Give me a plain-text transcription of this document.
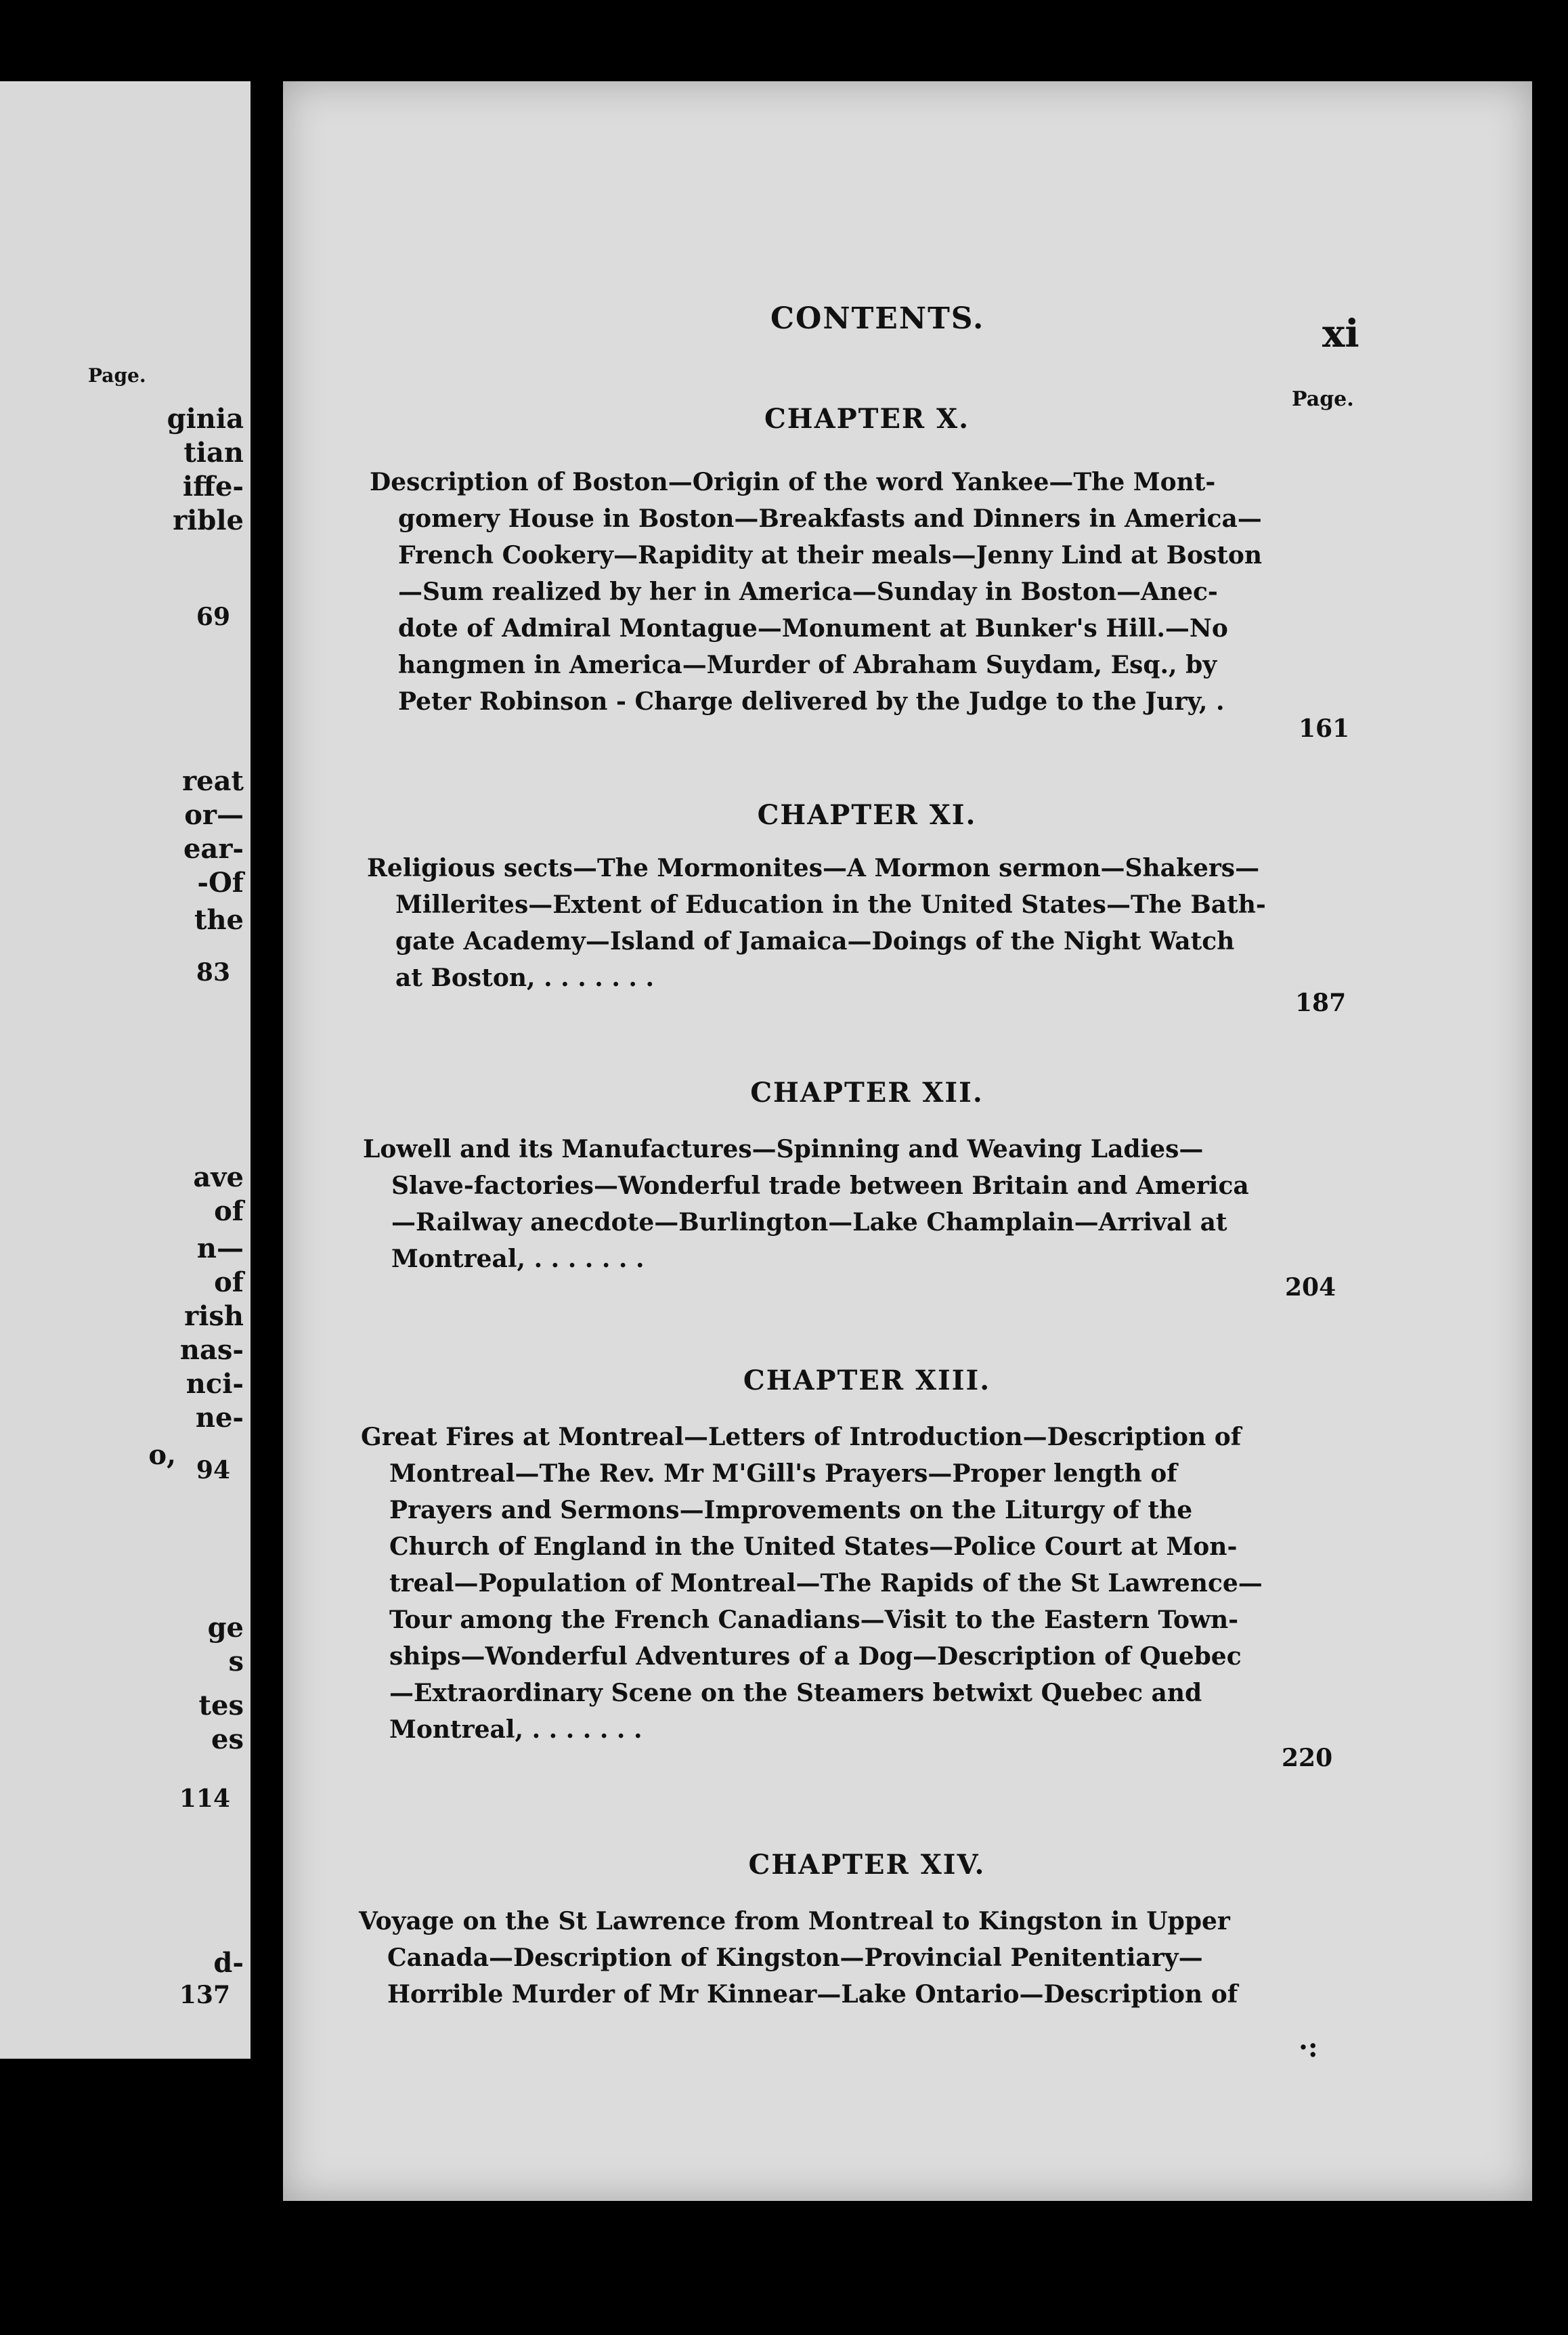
Page.
ginia
tian
iffe-
rible
69
reat
or—
ear-
-Of
the
83
ave
of
n—
of
rish
nas-
nci-
ne-
o, 94
ge
s
tes
es
114
d-
137
CONTENTS.	xi
Page.
CHAPTER X.
Description of Boston—Origin of the word Yankee—The Mont-
gomery House in Boston—Breakfasts and Dinners in America—
French Cookery—Rapidity at their meals—Jenny Lind at Boston
—Sum realized by her in America—Sunday in Boston—Anec-
dote of Admiral Montague—Monument at Bunker's Hill.—No
hangmen in America—Murder of Abraham Suydam, Esq., by
Peter Robinson - Charge delivered by the Judge to the Jury, .
161
CHAPTER XI.
Religious sects—The Mormonites—A Mormon sermon—Shakers—
Millerites—Extent of Education in the United States—The Bath-
gate Academy—Island of Jamaica—Doings of the Night Watch
at Boston, . . . . . . .
187
CHAPTER XII.
Lowell and its Manufactures—Spinning and Weaving Ladies—
Slave-factories—Wonderful trade between Britain and America
—Railway anecdote—Burlington—Lake Champlain—Arrival at
Montreal, . . . . . . .
204
CHAPTER XIII.
Great Fires at Montreal—Letters of Introduction—Description of
Montreal—The Rev. Mr M'Gill's Prayers—Proper length of
Prayers and Sermons—Improvements on the Liturgy of the
Church of England in the United States—Police Court at Mon-
treal—Population of Montreal—The Rapids of the St Lawrence—
Tour among the French Canadians—Visit to the Eastern Town-
ships—Wonderful Adventures of a Dog—Description of Quebec
—Extraordinary Scene on the Steamers betwixt Quebec and
Montreal, . . . . . . .
220
CHAPTER XIV.
Voyage on the St Lawrence from Montreal to Kingston in Upper
Canada—Description of Kingston—Provincial Penitentiary—
Horrible Murder of Mr Kinnear—Lake Ontario—Description of
·:
